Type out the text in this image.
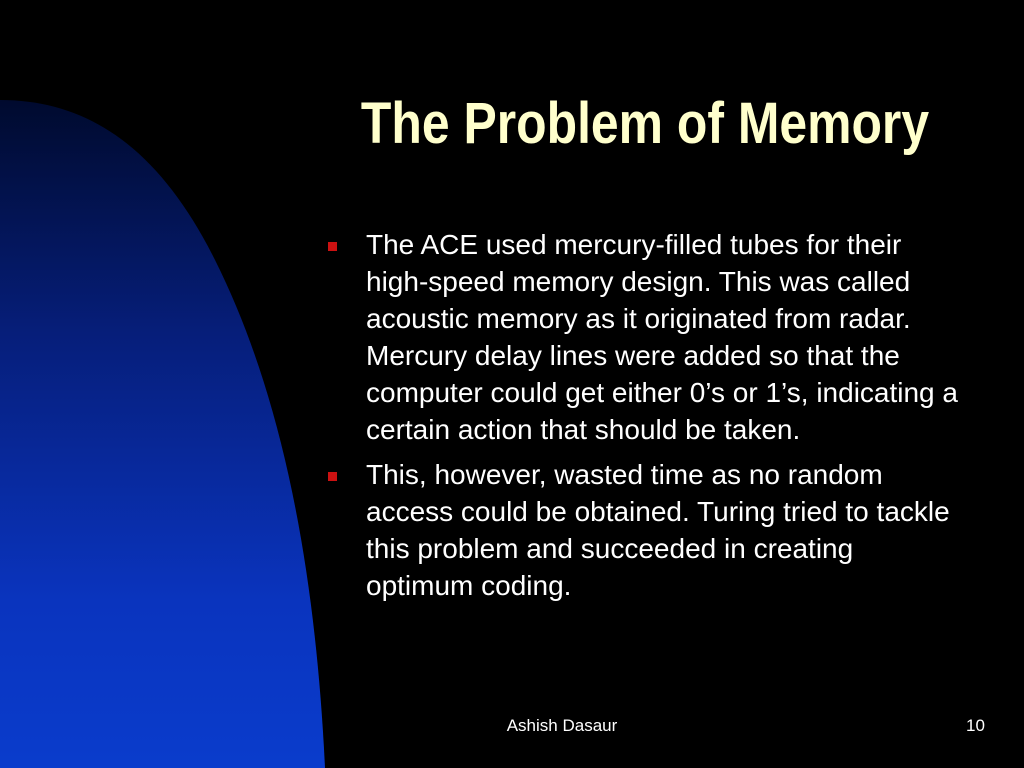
The Problem of Memory
The ACE used mercury-filled tubes for their high-speed memory design. This was called acoustic memory as it originated from radar. Mercury delay lines were added so that the computer could get either 0’s or 1’s, indicating a certain action that should be taken.
This, however, wasted time as no random access could be obtained. Turing tried to tackle this problem and succeeded in creating optimum coding.
Ashish Dasaur	10
